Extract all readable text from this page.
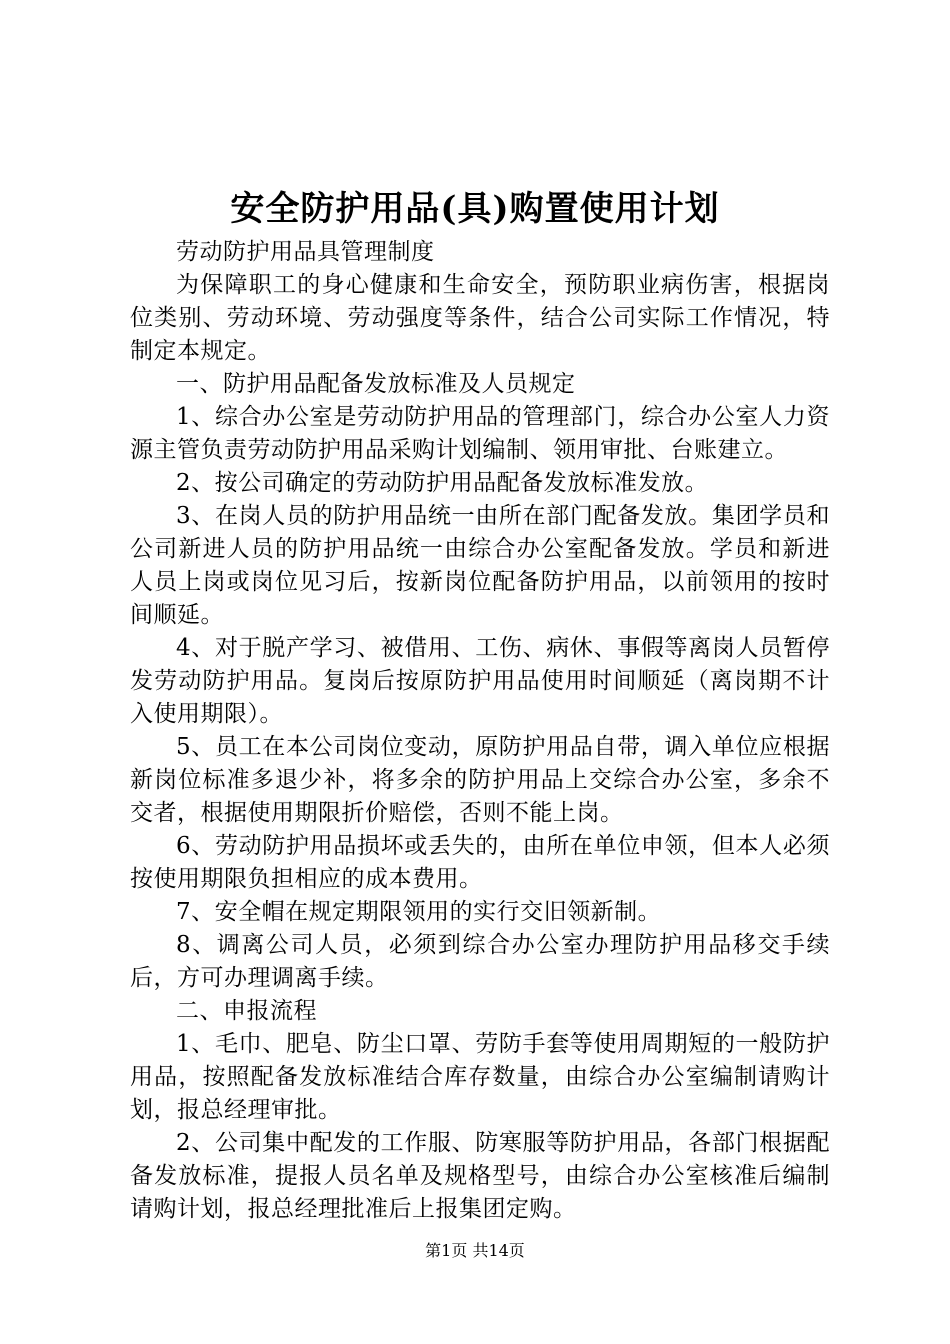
安全防护用品(具)购置使用计划

劳动防护用品具管理制度

为保障职工的身心健康和生命安全，预防职业病伤害，根据岗位类别、劳动环境、劳动强度等条件，结合公司实际工作情况，特制定本规定。

一、防护用品配备发放标准及人员规定

1、综合办公室是劳动防护用品的管理部门，综合办公室人力资源主管负责劳动防护用品采购计划编制、领用审批、台账建立。

2、按公司确定的劳动防护用品配备发放标准发放。

3、在岗人员的防护用品统一由所在部门配备发放。集团学员和公司新进人员的防护用品统一由综合办公室配备发放。学员和新进人员上岗或岗位见习后，按新岗位配备防护用品，以前领用的按时间顺延。

4、对于脱产学习、被借用、工伤、病休、事假等离岗人员暂停发劳动防护用品。复岗后按原防护用品使用时间顺延（离岗期不计入使用期限）。

5、员工在本公司岗位变动，原防护用品自带，调入单位应根据新岗位标准多退少补，将多余的防护用品上交综合办公室，多余不交者，根据使用期限折价赔偿，否则不能上岗。

6、劳动防护用品损坏或丢失的，由所在单位申领，但本人必须按使用期限负担相应的成本费用。

7、安全帽在规定期限领用的实行交旧领新制。

8、调离公司人员，必须到综合办公室办理防护用品移交手续后，方可办理调离手续。

二、申报流程

1、毛巾、肥皂、防尘口罩、劳防手套等使用周期短的一般防护用品，按照配备发放标准结合库存数量，由综合办公室编制请购计划，报总经理审批。

2、公司集中配发的工作服、防寒服等防护用品，各部门根据配备发放标准，提报人员名单及规格型号，由综合办公室核准后编制请购计划，报总经理批准后上报集团定购。

第1页 共14页
